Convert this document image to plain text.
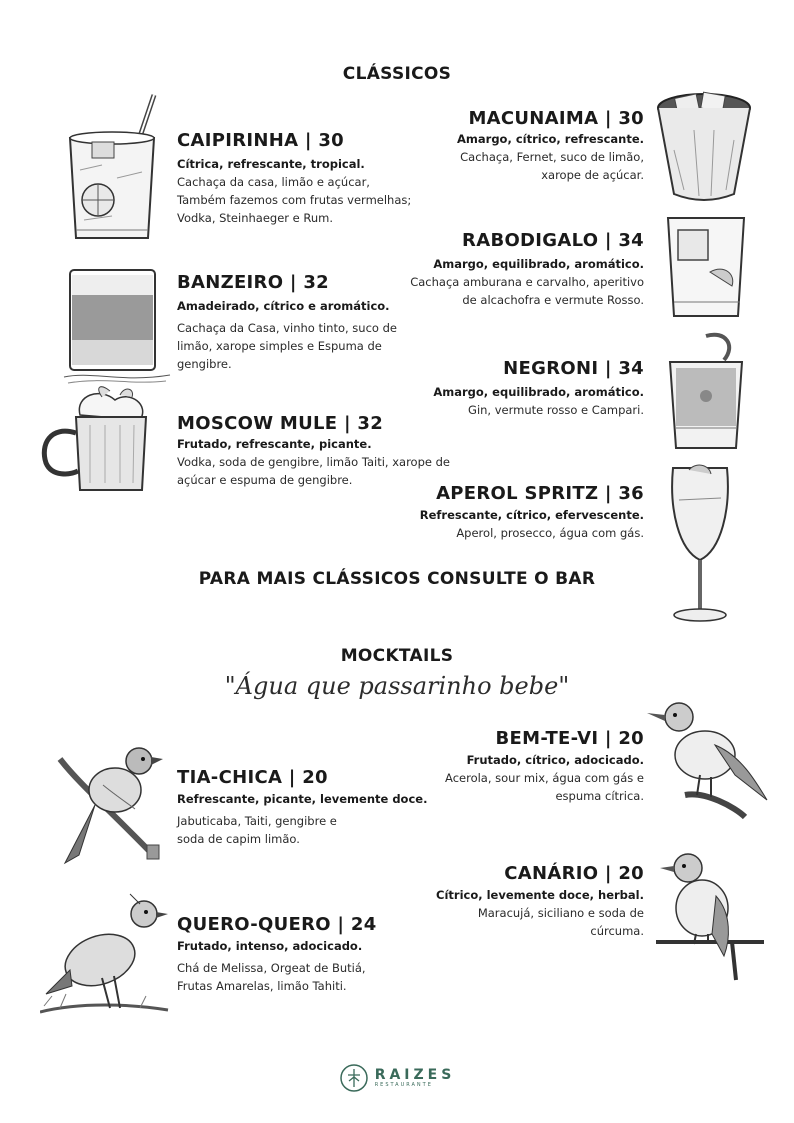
CLÁSSICOS
CAIPIRINHA | 30
Cítrica, refrescante, tropical.
Cachaça da casa, limão e açúcar,
Também fazemos com frutas vermelhas;
Vodka, Steinhaeger e Rum.
BANZEIRO | 32
Amadeirado, cítrico e aromático.
Cachaça da Casa, vinho tinto, suco de
limão, xarope simples e Espuma de
gengibre.
MOSCOW MULE | 32
Frutado, refrescante, picante.
Vodka, soda de gengibre, limão Taiti, xarope de
açúcar e espuma de gengibre.
MACUNAIMA | 30
Amargo, cítrico, refrescante.
Cachaça, Fernet, suco de limão,
xarope de açúcar.
RABODIGALO | 34
Amargo, equilibrado, aromático.
Cachaça amburana e carvalho, aperitivo
de alcachofra e vermute Rosso.
NEGRONI | 34
Amargo, equilibrado, aromático.
Gin, vermute rosso e Campari.
APEROL SPRITZ | 36
Refrescante, cítrico, efervescente.
Aperol, prosecco, água com gás.
PARA MAIS CLÁSSICOS CONSULTE O BAR
MOCKTAILS
"Água que passarinho bebe"
BEM-TE-VI | 20
Frutado, cítrico, adocicado.
Acerola, sour mix, água com gás e
espuma cítrica.
TIA-CHICA | 20
Refrescante, picante, levemente doce.
Jabuticaba, Taiti, gengibre e
soda de capim limão.
CANÁRIO | 20
Cítrico, levemente doce, herbal.
Maracujá, siciliano e soda de
cúrcuma.
QUERO-QUERO | 24
Frutado, intenso, adocicado.
Chá de Melissa, Orgeat de Butiá,
Frutas Amarelas, limão Tahiti.
RAIZES
RESTAURANTE
